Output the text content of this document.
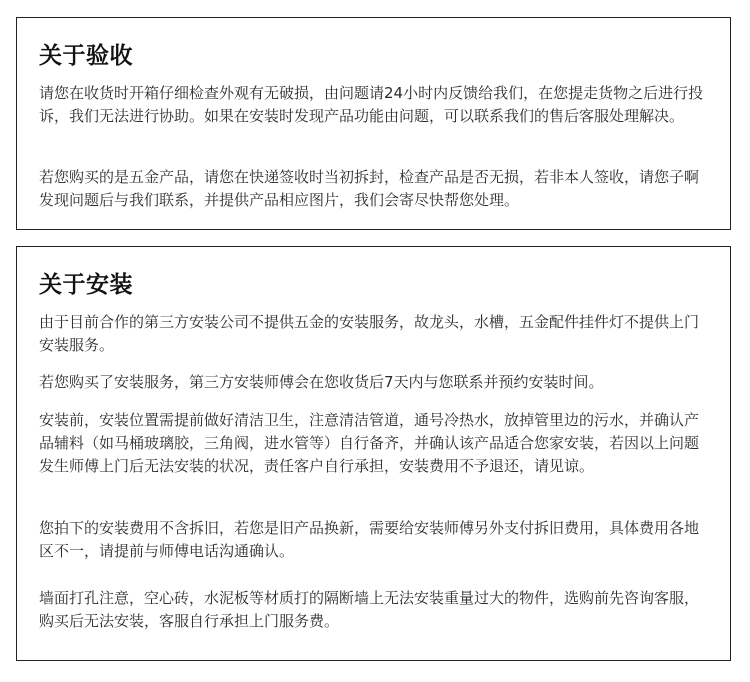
关于验收

请您在收货时开箱仔细检查外观有无破损，由问题请24小时内反馈给我们，在您提走货物之后进行投诉，我们无法进行协助。如果在安装时发现产品功能由问题，可以联系我们的售后客服处理解决。

若您购买的是五金产品，请您在快递签收时当初拆封，检查产品是否无损，若非本人签收，请您子啊发现问题后与我们联系，并提供产品相应图片，我们会寄尽快帮您处理。

关于安装

由于目前合作的第三方安装公司不提供五金的安装服务，故龙头，水槽，五金配件挂件灯不提供上门安装服务。

若您购买了安装服务，第三方安装师傅会在您收货后7天内与您联系并预约安装时间。

安装前，安装位置需提前做好清洁卫生，注意清洁管道，通号冷热水，放掉管里边的污水，并确认产品辅料（如马桶玻璃胶，三角阀，进水管等）自行备齐，并确认该产品适合您家安装，若因以上问题发生师傅上门后无法安装的状况，责任客户自行承担，安装费用不予退还，请见谅。

您拍下的安装费用不含拆旧，若您是旧产品换新，需要给安装师傅另外支付拆旧费用，具体费用各地区不一，请提前与师傅电话沟通确认。

墙面打孔注意，空心砖，水泥板等材质打的隔断墙上无法安装重量过大的物件，选购前先咨询客服，购买后无法安装，客服自行承担上门服务费。
